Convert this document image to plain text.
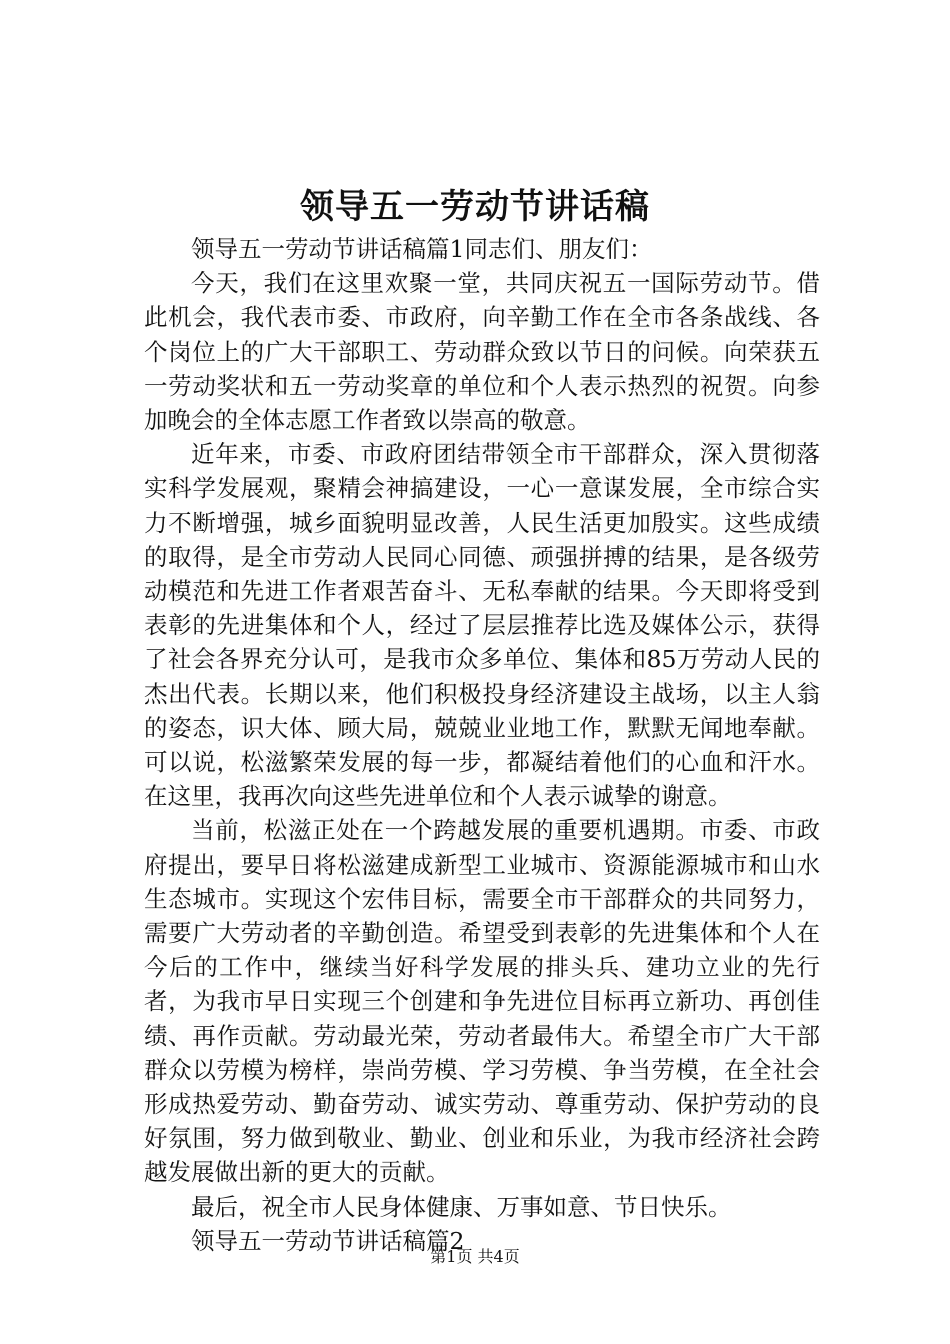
领导五一劳动节讲话稿

领导五一劳动节讲话稿篇1同志们、朋友们：

今天，我们在这里欢聚一堂，共同庆祝五一国际劳动节。借此机会，我代表市委、市政府，向辛勤工作在全市各条战线、各个岗位上的广大干部职工、劳动群众致以节日的问候。向荣获五一劳动奖状和五一劳动奖章的单位和个人表示热烈的祝贺。向参加晚会的全体志愿工作者致以崇高的敬意。

近年来，市委、市政府团结带领全市干部群众，深入贯彻落实科学发展观，聚精会神搞建设，一心一意谋发展，全市综合实力不断增强，城乡面貌明显改善，人民生活更加殷实。这些成绩的取得，是全市劳动人民同心同德、顽强拼搏的结果，是各级劳动模范和先进工作者艰苦奋斗、无私奉献的结果。今天即将受到表彰的先进集体和个人，经过了层层推荐比选及媒体公示，获得了社会各界充分认可，是我市众多单位、集体和85万劳动人民的杰出代表。长期以来，他们积极投身经济建设主战场，以主人翁的姿态，识大体、顾大局，兢兢业业地工作，默默无闻地奉献。可以说，松滋繁荣发展的每一步，都凝结着他们的心血和汗水。在这里，我再次向这些先进单位和个人表示诚挚的谢意。

当前，松滋正处在一个跨越发展的重要机遇期。市委、市政府提出，要早日将松滋建成新型工业城市、资源能源城市和山水生态城市。实现这个宏伟目标，需要全市干部群众的共同努力，需要广大劳动者的辛勤创造。希望受到表彰的先进集体和个人在今后的工作中，继续当好科学发展的排头兵、建功立业的先行者，为我市早日实现三个创建和争先进位目标再立新功、再创佳绩、再作贡献。劳动最光荣，劳动者最伟大。希望全市广大干部群众以劳模为榜样，崇尚劳模、学习劳模、争当劳模，在全社会形成热爱劳动、勤奋劳动、诚实劳动、尊重劳动、保护劳动的良好氛围，努力做到敬业、勤业、创业和乐业，为我市经济社会跨越发展做出新的更大的贡献。

最后，祝全市人民身体健康、万事如意、节日快乐。

领导五一劳动节讲话稿篇2

第1页 共4页
